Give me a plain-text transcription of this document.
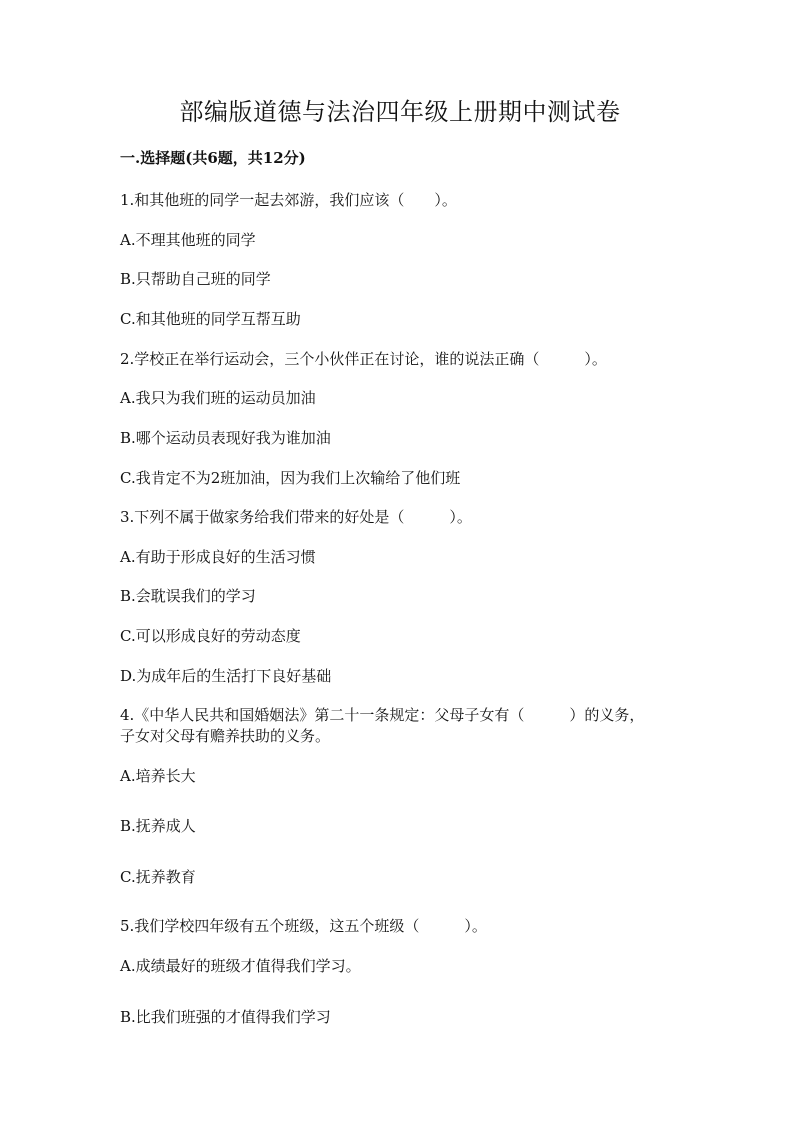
部编版道德与法治四年级上册期中测试卷
一.选择题(共6题，共12分)
1.和其他班的同学一起去郊游，我们应该（　　）。
A.不理其他班的同学
B.只帮助自己班的同学
C.和其他班的同学互帮互助
2.学校正在举行运动会，三个小伙伴正在讨论，谁的说法正确（　　　）。
A.我只为我们班的运动员加油
B.哪个运动员表现好我为谁加油
C.我肯定不为2班加油，因为我们上次输给了他们班
3.下列不属于做家务给我们带来的好处是（　　　）。
A.有助于形成良好的生活习惯
B.会耽误我们的学习
C.可以形成良好的劳动态度
D.为成年后的生活打下良好基础
4.《中华人民共和国婚姻法》第二十一条规定：父母子女有（　　　）的义务，
子女对父母有赡养扶助的义务。
A.培养长大
B.抚养成人
C.抚养教育
5.我们学校四年级有五个班级，这五个班级（　　　）。
A.成绩最好的班级才值得我们学习。
B.比我们班强的才值得我们学习
